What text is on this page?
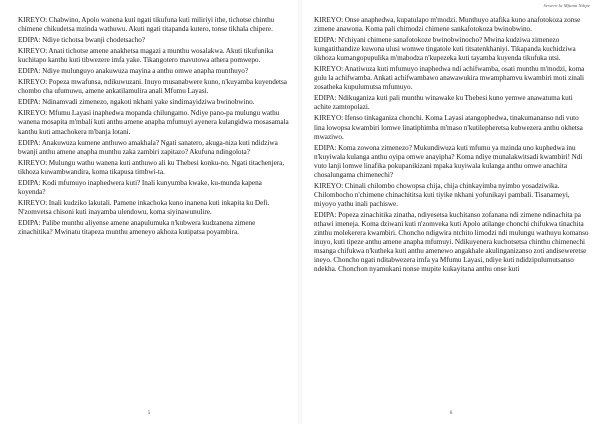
KIREYO: Chabwino, Apolo wanena kuti ngati tikufuna kuti miliriyi ithe, tichotse chinthu chimene chikudetsa mzinda wathuwu. Akuti ngati titapanda kutero, tonse tikhala chipere.

EDIPA: Ndiye tichotsa bwanji chodetsacho?

KIREYO: Anati tichotse amene anakhetsa magazi a munthu wosalakwa. Akuti tikufunika kuchitapo kanthu kuti tibwezere imfa yake. Tikangotero mavutowa athera pomwepo.

EDIPA: Ndiye mulunguyo anakuwuza mayina a anthu omwe anapha munthuyo?

KIREYO: Popeza mwafunsa, ndikuwuzani. Inuyo musanabwere kuno, n'kuyamba kuyendetsa chombo cha ufumuwu, amene ankatilamulira anali Mfumu Layasi.

EDIPA: Ndinamvadi zimenezo, ngakoti nkhani yake sindimayidziwa bwinobwino.

KIREYO: Mfumu Layasi inaphedwa mopanda chilungamo. Ndiye pano-pa mulungu wathu wanena mosapita m'mbali kuti anthu amene anapha mfumuyi ayenera kulangidwa mosasamala kanthu kuti amachokera m'banja lotani.

EDIPA: Anakuwuza kumene anthuwo amakhala? Ngati sanatero, akuga-niza kuti ndidziwa bwanji anthu amene anapha munthu zaka zambiri zapitazo? Akufuna ndingolota?

KIREYO: Mulungu wathu wanena kuti anthuwo ali ku Thebesi konku-no. Ngati titachenjera, tikhoza kuwambwandira, koma tikapusa timbwi-ta.

EDIPA: Kodi mfumuyo inaphedwera kuti? Inali kunyumba kwake, ku-munda kapena koyenda?

KIREYO: Inali kudziko lakutali. Pamene inkachoka kuno inanena kuti inkapita ku Defi. N'zomvetsa chisoni kuti inayamba ulendowu, koma siyinawunulire.

EDIPA: Palibe munthu aliyense amene anapulumuka n'kubwera kudzanena zimene zinachitika? Mwinatu titapeza munthu ameneyo akhoza kutipatsa poyambira.

5
Sewero la Mfumu Ndipe

KIREYO: Onse anaphedwa, kupatulapo m'modzi. Munthuyo atafika kuno anafotokoza zonse zimene anawona. Koma pali chimodzi chimene sankafotokoza bwinobwino.

EDIPA: N'chiyani chimene sanafotokoze bwinobwinocho? Mwina kudziwa zimenezo kungatithandize kuwona ulusi womwe tingatole kuti titsatenkhaniyi. Tikapanda kuchidziwa tikhoza kumangopupulika m'mabodza n'kupezeka kuti tayamba kuyenda tikufuka utsi.

KIREYO: Anatiwuza kuti mfumuyo inaphedwa ndi achifwamba, osati munthu m'modzi, koma gulu la achifwamba. Ankati achifwambawo anawawukira mwamphamvu kwambiri moti zinali zosatheka kupulumutsa mfumuyo.

EDIPA: Ndikuganiza kuti pali munthu winawake ku Thebesi kuno yemwe anawatuma kuti achite zamtopolazi.

KIREYO: Ifenso tinkaganiza chonchi. Koma Layasi atangophedwa, tinakumananso ndi vuto lina lowopsa kwambiri lomwe linatiphimba m'maso n'kutilepheretsa kubwezera anthu okhetsa mwaziwo.

EDIPA: Koma zowona zimenezo? Mukundiwuza kuti mfumu ya mzinda uno kuphedwa inu n'kuyiwala kulanga anthu oyipa omwe anayipha? Koma ndiye munalakwitsadi kwambiri! Ndi vuto lanji lomwe linafika pokupanikizani mpaka kuyiwala kulanga anthu omwe anachita chosalungama chimenechi?

KIREYO: Chinali chilombo chowopsa chija, chija chinkayimba nyimbo yosadziwika. Chilombocho n'chimene chinachititsa kuti tiyike nkhani yofunikayi pambali. Tisanameyi, miyoyo yathu inali pachiswe.

EDIPA: Popeza zinachitika zinatha, ndiyesetsa kuchitanso zofanana ndi zimene ndinachita pa nthawi imeneja. Koma dziwani kuti n'zomveka kuti Apolo atilange chonchi chifukwa tinachita zinthu molekerera kwambiri. Choncho ndigwira ntchito limodzi ndi mulungu wathuyu komanso inuyo, kuti tipeze anthu amene anapha mfumuyi. Ndikuyenera kuchotsetsa chinthu chimenechi msanga chifukwa n'kutheka kuti anthu amenewo angakhale akulinganizanso zoti andiseweretse ineyo. Choncho ngati nditabwezera imfa ya Mfumu Layasi, ndiye kuti ndidzipulumutsanso ndekha. Chonchon nyamukani nonse mupite kukayitana anthu onse kuti

6
